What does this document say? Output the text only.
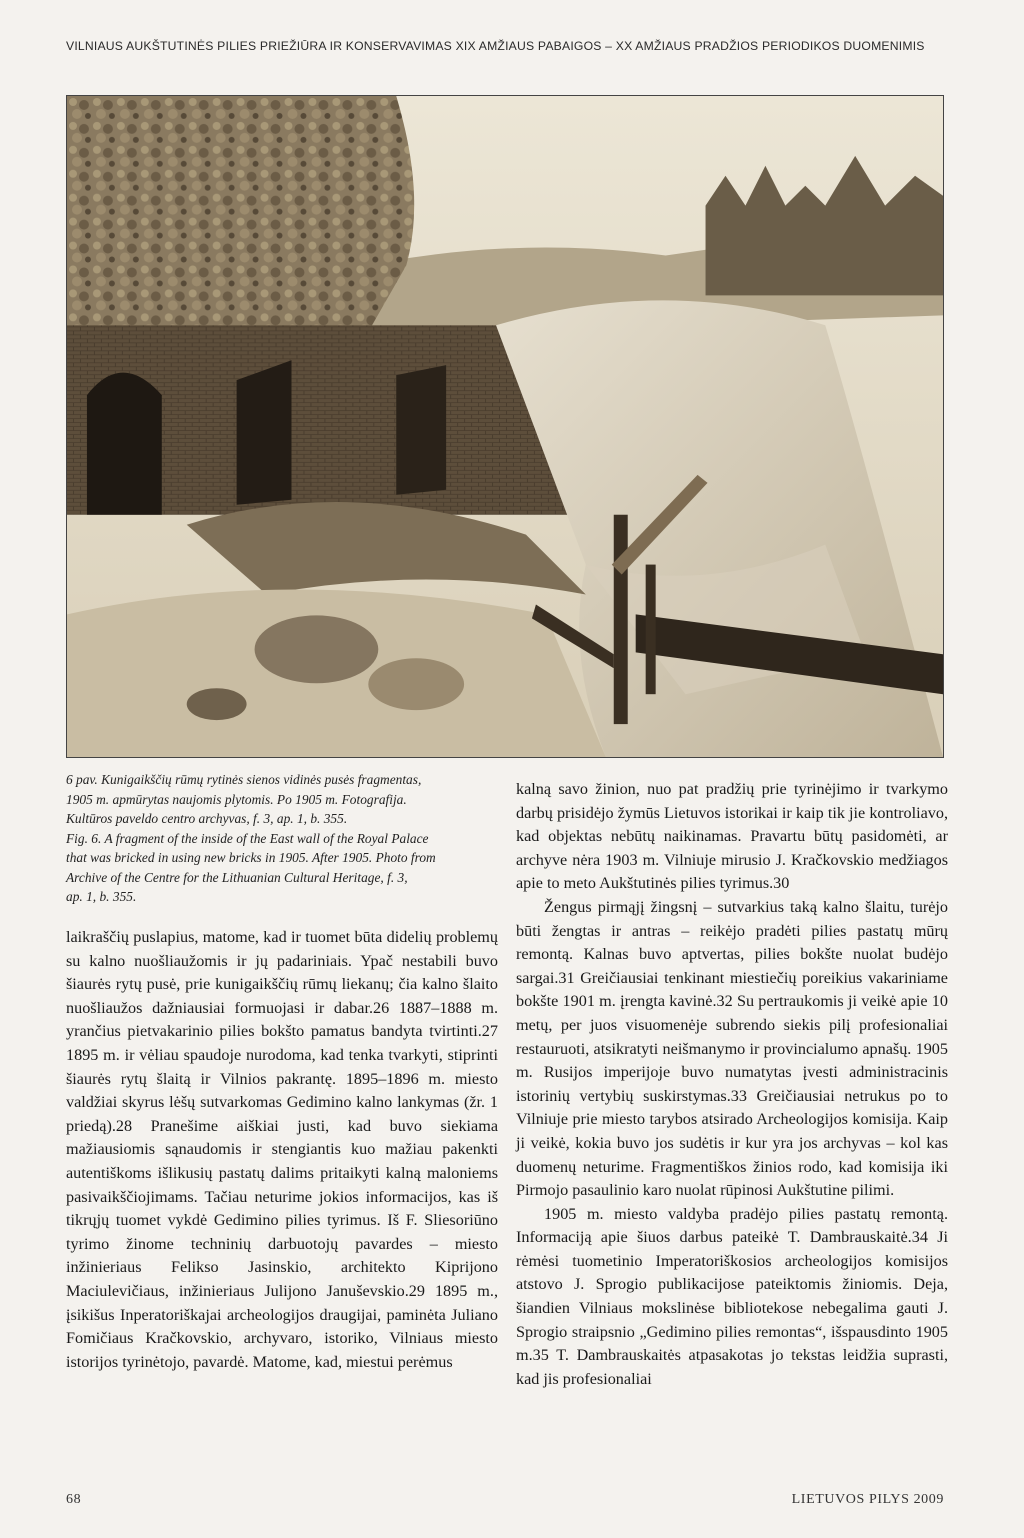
VILNIAUS AUKŠTUTINĖS PILIES PRIEŽIŪRA IR KONSERVAVIMAS XIX AMŽIAUS PABAIGOS – XX AMŽIAUS PRADŽIOS PERIODIKOS DUOMENIMIS

6 pav. Kunigaikščių rūmų rytinės sienos vidinės pusės fragmentas,

1905 m. apmūrytas naujomis plytomis. Po 1905 m. Fotografija.

Kultūros paveldo centro archyvas, f. 3, ap. 1, b. 355.

Fig. 6. A fragment of the inside of the East wall of the Royal Palace

that was bricked in using new bricks in 1905. After 1905. Photo from

Archive of the Centre for the Lithuanian Cultural Heritage, f. 3,

ap. 1, b. 355.

laikraščių puslapius, matome, kad ir tuomet būta didelių problemų su kalno nuošliaužomis ir jų padariniais. Ypač nestabili buvo šiaurės rytų pusė, prie kunigaikščių rūmų liekanų; čia kalno šlaito nuošliaužos dažniausiai formuojasi ir dabar.26 1887–1888 m. yrančius pietvakarinio pilies bokšto pamatus bandyta tvirtinti.27 1895 m. ir vėliau spaudoje nurodoma, kad tenka tvarkyti, stiprinti šiaurės rytų šlaitą ir Vilnios pakrantę. 1895–1896 m. miesto valdžiai skyrus lėšų sutvarkomas Gedimino kalno lankymas (žr. 1 priedą).28 Pranešime aiškiai justi, kad buvo siekiama mažiausiomis sąnaudomis ir stengiantis kuo mažiau pakenkti autentiškoms išlikusių pastatų dalims pritaikyti kalną maloniems pasivaikščiojimams. Tačiau neturime jokios informacijos, kas iš tikrųjų tuomet vykdė Gedimino pilies tyrimus. Iš F. Sliesoriūno tyrimo žinome techninių darbuotojų pavardes – miesto inžinieriaus Felikso Jasinskio, architekto Kiprijono Maciulevičiaus, inžinieriaus Julijono Januševskio.29 1895 m., įsikišus Inperatoriškajai archeologijos draugijai, paminėta Juliano Fomičiaus Kračkovskio, archyvaro, istoriko, Vilniaus miesto istorijos tyrinėtojo, pavardė. Matome, kad, miestui perėmus

kalną savo žinion, nuo pat pradžių prie tyrinėjimo ir tvarkymo darbų prisidėjo žymūs Lietuvos istorikai ir kaip tik jie kontroliavo, kad objektas nebūtų naikinamas. Pravartu būtų pasidomėti, ar archyve nėra 1903 m. Vilniuje mirusio J. Kračkovskio medžiagos apie to meto Aukštutinės pilies tyrimus.30

Žengus pirmąjį žingsnį – sutvarkius taką kalno šlaitu, turėjo būti žengtas ir antras – reikėjo pradėti pilies pastatų mūrų remontą. Kalnas buvo aptvertas, pilies bokšte nuolat budėjo sargai.31 Greičiausiai tenkinant miestiečių poreikius vakariniame bokšte 1901 m. įrengta kavinė.32 Su pertraukomis ji veikė apie 10 metų, per juos visuomenėje subrendo siekis pilį profesionaliai restauruoti, atsikratyti neišmanymo ir provincialumo apnašų. 1905 m. Rusijos imperijoje buvo numatytas įvesti administracinis istorinių vertybių suskirstymas.33 Greičiausiai netrukus po to Vilniuje prie miesto tarybos atsirado Archeologijos komisija. Kaip ji veikė, kokia buvo jos sudėtis ir kur yra jos archyvas – kol kas duomenų neturime. Fragmentiškos žinios rodo, kad komisija iki Pirmojo pasaulinio karo nuolat rūpinosi Aukštutine pilimi.

1905 m. miesto valdyba pradėjo pilies pastatų remontą. Informaciją apie šiuos darbus pateikė T. Dambrauskaitė.34 Ji rėmėsi tuometinio Imperatoriškosios archeologijos komisijos atstovo J. Sprogio publikacijose pateiktomis žiniomis. Deja, šiandien Vilniaus mokslinėse bibliotekose nebegalima gauti J. Sprogio straipsnio „Gedimino pilies remontas“, išspausdinto 1905 m.35 T. Dambrauskaitės atpasakotas jo tekstas leidžia suprasti, kad jis profesionaliai

68	LIETUVOS PILYS 2009
